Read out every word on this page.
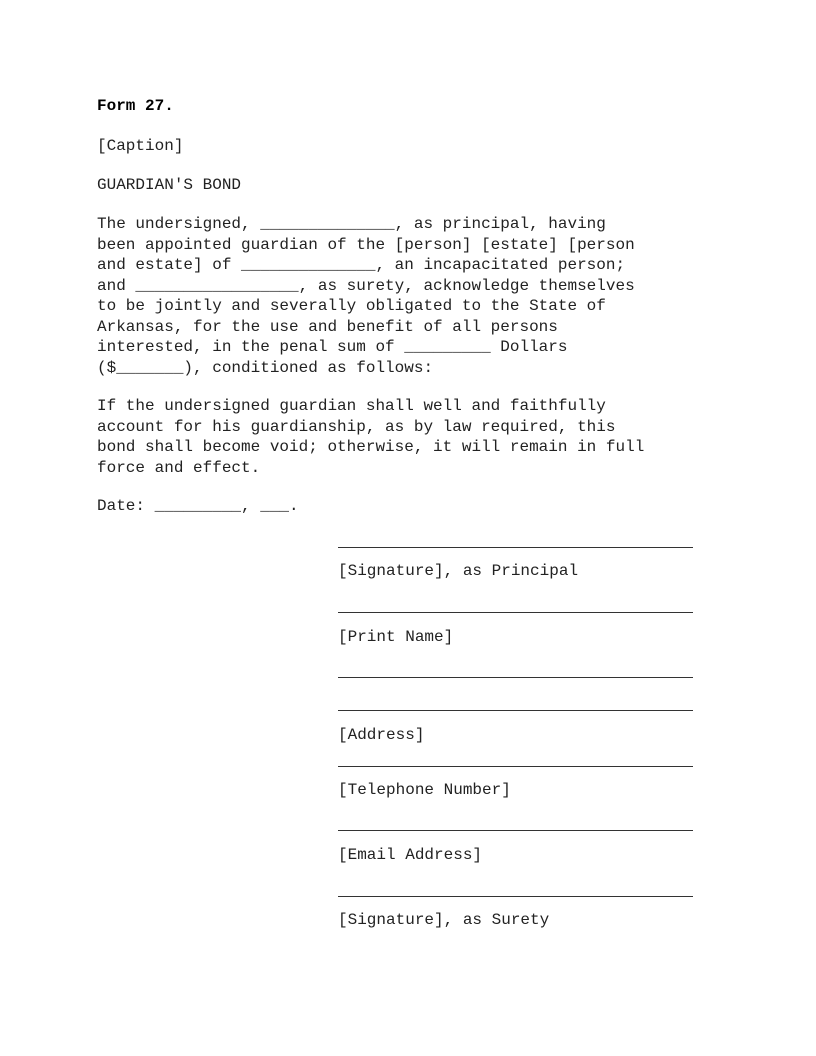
Form 27.

[Caption]

GUARDIAN'S BOND

The undersigned, ______________, as principal, having
been appointed guardian of the [person] [estate] [person
and estate] of ______________, an incapacitated person;
and _________________, as surety, acknowledge themselves
to be jointly and severally obligated to the State of
Arkansas, for the use and benefit of all persons
interested, in the penal sum of _________ Dollars
($_______), conditioned as follows:

If the undersigned guardian shall well and faithfully
account for his guardianship, as by law required, this
bond shall become void; otherwise, it will remain in full
force and effect.

Date: _________, ___.

[Signature], as Principal
[Print Name]
[Address]
[Telephone Number]
[Email Address]
[Signature], as Surety
